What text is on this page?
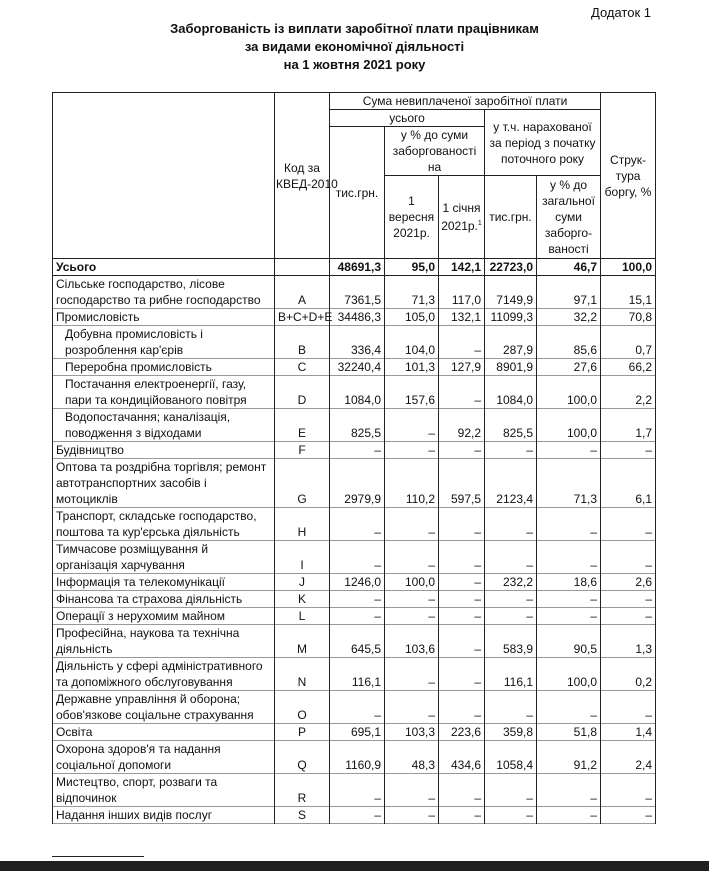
Додаток 1
Заборгованість із виплати заробітної плати працівникам
за видами економічної діяльності
на 1 жовтня 2021 року
	Код за КВЕД-2010	Сума невиплаченої заробітної плати					Струк-тура боргу, %
		усього			у т.ч. нарахованої за період з початку поточного року		
		тис.грн.	у % до суми заборгованості на				
			1 вересня 2021р.	1 січня 2021р.$^1$	тис.грн.	у % до загальної суми заборго-ваності	
Усього		48691,3	95,0	142,1	22723,0	46,7	100,0
Сільське господарство, лісове господарство та рибне господарство	A	7361,5	71,3	117,0	7149,9	97,1	15,1
Промисловість	B+C+D+E	34486,3	105,0	132,1	11099,3	32,2	70,8
Добувна промисловість і розроблення кар'єрів	B	336,4	104,0	–	287,9	85,6	0,7
Переробна промисловість	C	32240,4	101,3	127,9	8901,9	27,6	66,2
Постачання електроенергії, газу, пари та кондиційованого повітря	D	1084,0	157,6	–	1084,0	100,0	2,2
Водопостачання; каналізація, поводження з відходами	E	825,5	–	92,2	825,5	100,0	1,7
Будівництво	F	–	–	–	–	–	–
Оптова та роздрібна торгівля; ремонт автотранспортних засобів і мотоциклів	G	2979,9	110,2	597,5	2123,4	71,3	6,1
Транспорт, складське господарство, поштова та кур'єрська діяльність	H	–	–	–	–	–	–
Тимчасове розміщування й організація харчування	I	–	–	–	–	–	–
Інформація та телекомунікації	J	1246,0	100,0	–	232,2	18,6	2,6
Фінансова та страхова діяльність	K	–	–	–	–	–	–
Операції з нерухомим майном	L	–	–	–	–	–	–
Професійна, наукова та технічна діяльність	M	645,5	103,6	–	583,9	90,5	1,3
Діяльність у сфері адміністративного та допоміжного обслуговування	N	116,1	–	–	116,1	100,0	0,2
Державне управління й оборона; обов'язкове соціальне страхування	O	–	–	–	–	–	–
Освіта	P	695,1	103,3	223,6	359,8	51,8	1,4
Охорона здоров'я та надання соціальної допомоги	Q	1160,9	48,3	434,6	1058,4	91,2	2,4
Мистецтво, спорт, розваги та відпочинок	R	–	–	–	–	–	–
Надання інших видів послуг	S	–	–	–	–	–	–
